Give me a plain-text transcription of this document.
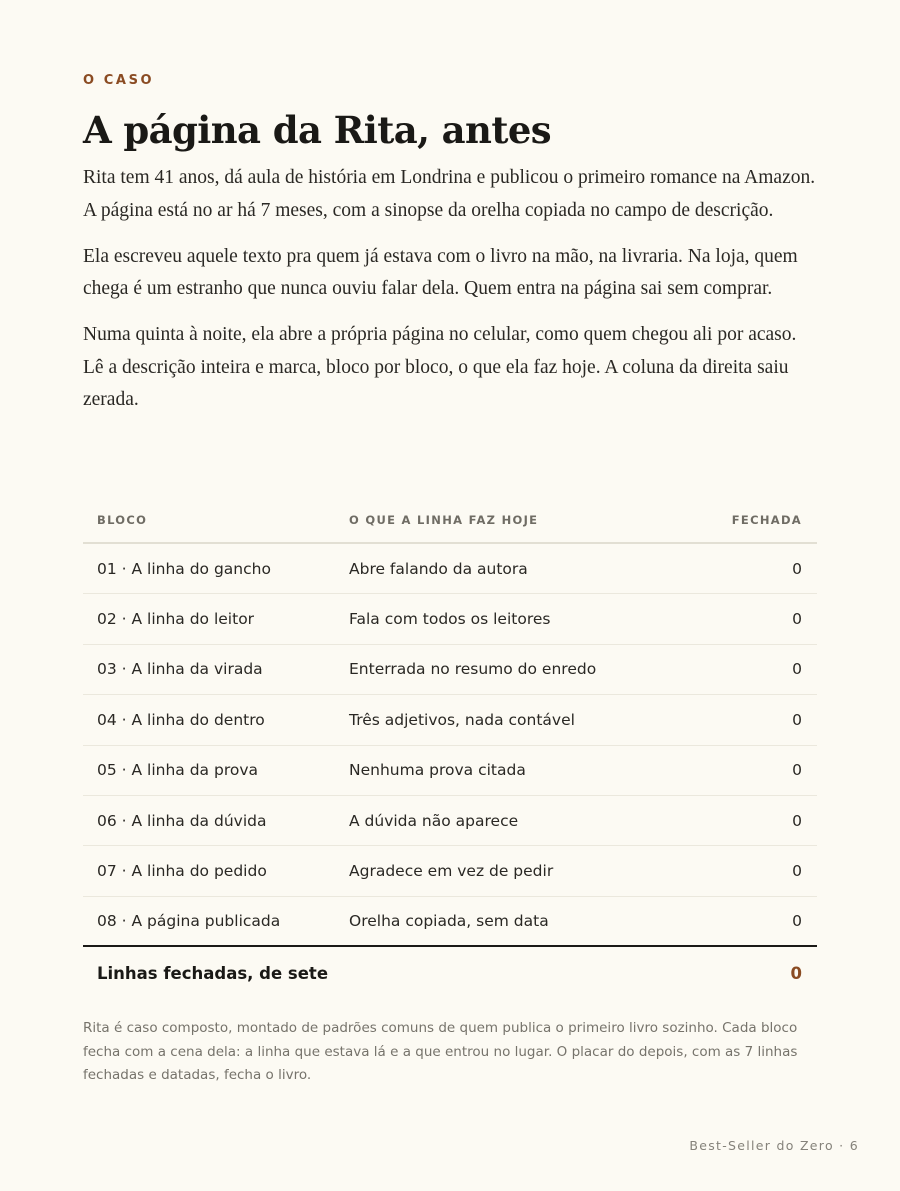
O CASO
A página da Rita, antes

Rita tem 41 anos, dá aula de história em Londrina e publicou o primeiro romance na Amazon. A página está no ar há 7 meses, com a sinopse da orelha copiada no campo de descrição.

Ela escreveu aquele texto pra quem já estava com o livro na mão, na livraria. Na loja, quem chega é um estranho que nunca ouviu falar dela. Quem entra na página sai sem comprar.

Numa quinta à noite, ela abre a própria página no celular, como quem chegou ali por acaso. Lê a descrição inteira e marca, bloco por bloco, o que ela faz hoje. A coluna da direita saiu zerada.

BLOCO	O QUE A LINHA FAZ HOJE	FECHADA
01 · A linha do gancho	Abre falando da autora	0
02 · A linha do leitor	Fala com todos os leitores	0
03 · A linha da virada	Enterrada no resumo do enredo	0
04 · A linha do dentro	Três adjetivos, nada contável	0
05 · A linha da prova	Nenhuma prova citada	0
06 · A linha da dúvida	A dúvida não aparece	0
07 · A linha do pedido	Agradece em vez de pedir	0
08 · A página publicada	Orelha copiada, sem data	0
Linhas fechadas, de sete	0

Rita é caso composto, montado de padrões comuns de quem publica o primeiro livro sozinho. Cada bloco fecha com a cena dela: a linha que estava lá e a que entrou no lugar. O placar do depois, com as 7 linhas fechadas e datadas, fecha o livro.

Best-Seller do Zero · 6
